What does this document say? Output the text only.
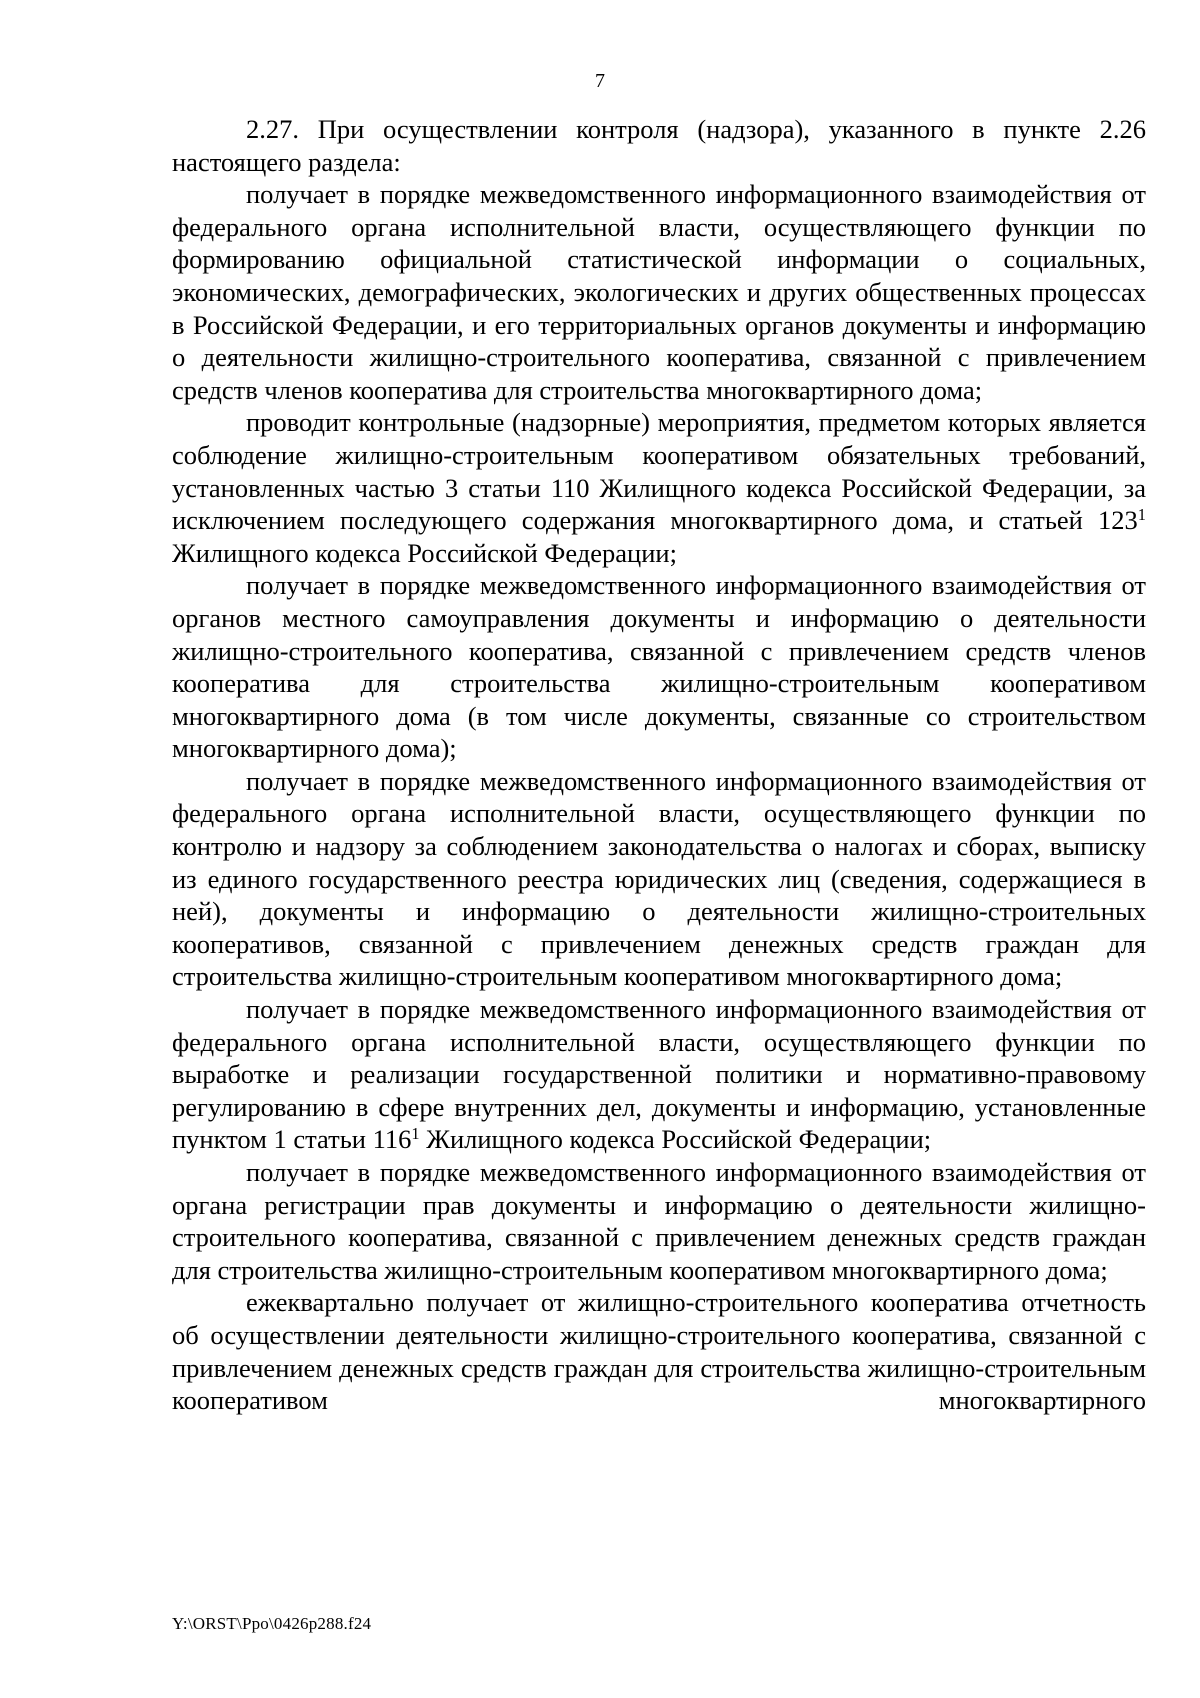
7

2.27. При осуществлении контроля (надзора), указанного в пункте 2.26 настоящего раздела:

получает в порядке межведомственного информационного взаимодействия от федерального органа исполнительной власти, осуществляющего функции по формированию официальной статистической информации о социальных, экономических, демографических, экологических и других общественных процессах в Российской Федерации, и его территориальных органов документы и информацию о деятельности жилищно-строительного кооператива, связанной с привлечением средств членов кооператива для строительства многоквартирного дома;

проводит контрольные (надзорные) мероприятия, предметом которых является соблюдение жилищно-строительным кооперативом обязательных требований, установленных частью 3 статьи 110 Жилищного кодекса Российской Федерации, за исключением последующего содержания многоквартирного дома, и статьей $123^1$ Жилищного кодекса Российской Федерации;

получает в порядке межведомственного информационного взаимодействия от органов местного самоуправления документы и информацию о деятельности жилищно-строительного кооператива, связанной с привлечением средств членов кооператива для строительства жилищно-строительным кооперативом многоквартирного дома (в том числе документы, связанные со строительством многоквартирного дома);

получает в порядке межведомственного информационного взаимодействия от федерального органа исполнительной власти, осуществляющего функции по контролю и надзору за соблюдением законодательства о налогах и сборах, выписку из единого государственного реестра юридических лиц (сведения, содержащиеся в ней), документы и информацию о деятельности жилищно-строительных кооперативов, связанной с привлечением денежных средств граждан для строительства жилищно-строительным кооперативом многоквартирного дома;

получает в порядке межведомственного информационного взаимодействия от федерального органа исполнительной власти, осуществляющего функции по выработке и реализации государственной политики и нормативно-правовому регулированию в сфере внутренних дел, документы и информацию, установленные пунктом 1 статьи $116^1$ Жилищного кодекса Российской Федерации;

получает в порядке межведомственного информационного взаимодействия от органа регистрации прав документы и информацию о деятельности жилищно-строительного кооператива, связанной с привлечением денежных средств граждан для строительства жилищно-строительным кооперативом многоквартирного дома;

ежеквартально получает от жилищно-строительного кооператива отчетность об осуществлении деятельности жилищно-строительного кооператива, связанной с привлечением денежных средств граждан для строительства жилищно-строительным кооперативом многоквартирного

Y:\ORST\Ppo\0426p288.f24
